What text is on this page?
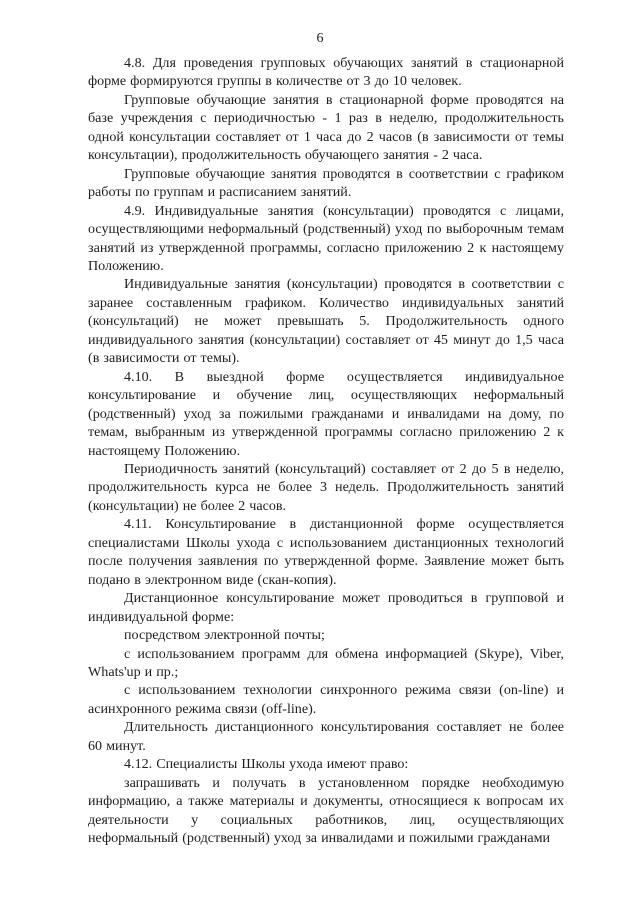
6

4.8. Для проведения групповых обучающих занятий в стационарной форме формируются группы в количестве от 3 до 10 человек.

Групповые обучающие занятия в стационарной форме проводятся на базе учреждения с периодичностью - 1 раз в неделю, продолжительность одной консультации составляет от 1 часа до 2 часов (в зависимости от темы консультации), продолжительность обучающего занятия - 2 часа.

Групповые обучающие занятия проводятся в соответствии с графиком работы по группам и расписанием занятий.

4.9. Индивидуальные занятия (консультации) проводятся с лицами, осуществляющими неформальный (родственный) уход по выборочным темам занятий из утвержденной программы, согласно приложению 2 к настоящему Положению.

Индивидуальные занятия (консультации) проводятся в соответствии с заранее составленным графиком. Количество индивидуальных занятий (консультаций) не может превышать 5. Продолжительность одного индивидуального занятия (консультации) составляет от 45 минут до 1,5 часа (в зависимости от темы).

4.10. В выездной форме осуществляется индивидуальное консультирование и обучение лиц, осуществляющих неформальный (родственный) уход за пожилыми гражданами и инвалидами на дому, по темам, выбранным из утвержденной программы согласно приложению 2 к настоящему Положению.

Периодичность занятий (консультаций) составляет от 2 до 5 в неделю, продолжительность курса не более 3 недель. Продолжительность занятий (консультации) не более 2 часов.

4.11. Консультирование в дистанционной форме осуществляется специалистами Школы ухода с использованием дистанционных технологий после получения заявления по утвержденной форме. Заявление может быть подано в электронном виде (скан-копия).

Дистанционное консультирование может проводиться в групповой и индивидуальной форме:

посредством электронной почты;

с использованием программ для обмена информацией (Skype), Viber, Whats'up и пр.;

с использованием технологии синхронного режима связи (on-line) и асинхронного режима связи (off-line).

Длительность дистанционного консультирования составляет не более 60 минут.

4.12. Специалисты Школы ухода имеют право:

запрашивать и получать в установленном порядке необходимую информацию, а также материалы и документы, относящиеся к вопросам их деятельности у социальных работников, лиц, осуществляющих неформальный (родственный) уход за инвалидами и пожилыми гражданами
